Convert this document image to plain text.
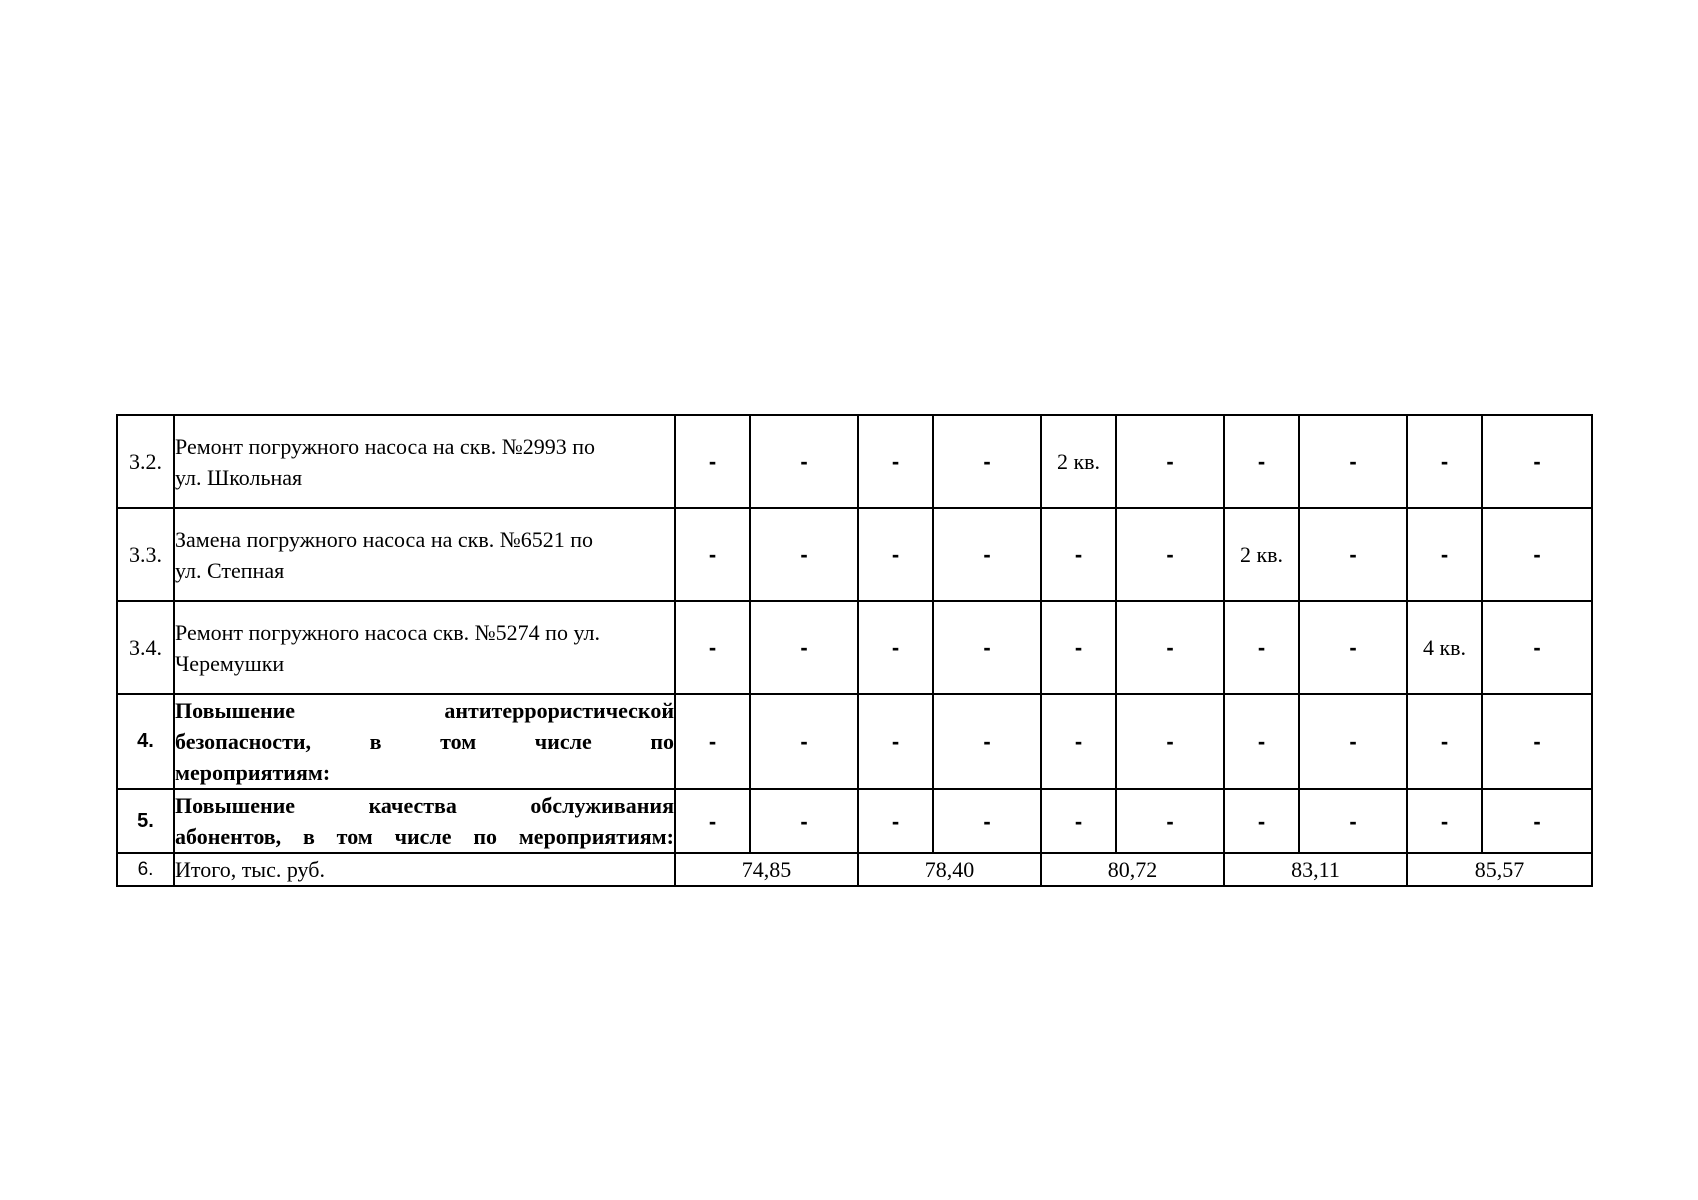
3.2.	Ремонт погружного насоса на скв. №2993 по
ул. Школьная	-	-	-	-	2 кв.	-	-	-	-	-
3.3.	Замена погружного насоса на скв. №6521 по
ул. Степная	-	-	-	-	-	-	2 кв.	-	-	-
3.4.	Ремонт погружного насоса скв. №5274 по ул.
Черемушки	-	-	-	-	-	-	-	-	4 кв.	-
4.	Повышение антитеррористической
безопасности, в том числе по
мероприятиям:	-	-	-	-	-	-	-	-	-	-
5.	Повышение качества обслуживания
абонентов, в том числе по мероприятиям:	-	-	-	-	-	-	-	-	-	-
6.	Итого, тыс. руб.	74,85		78,40		80,72		83,11		85,57	
